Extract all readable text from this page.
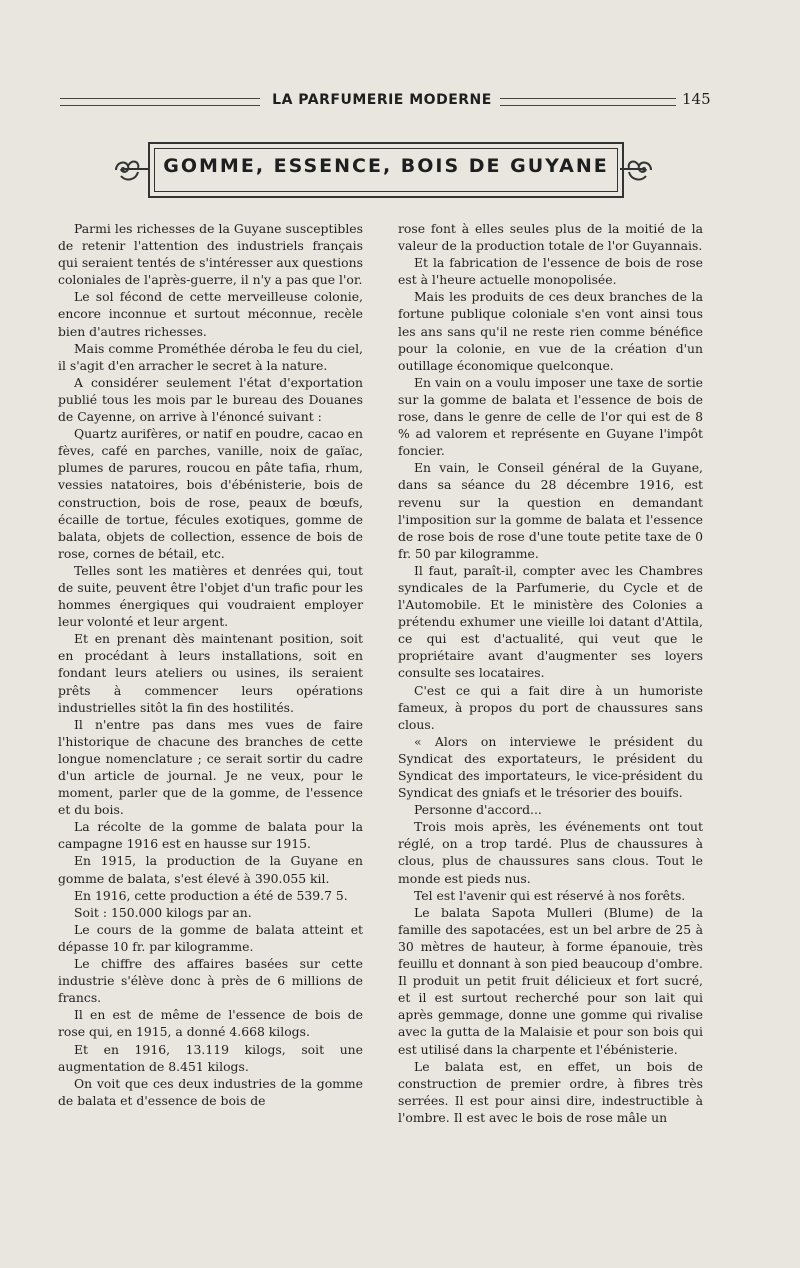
LA PARFUMERIE MODERNE	145
GOMME, ESSENCE, BOIS DE GUYANE

Parmi les richesses de la Guyane susceptibles de retenir l'attention des industriels français qui seraient tentés de s'intéresser aux questions coloniales de l'après-guerre, il n'y a pas que l'or.

Le sol fécond de cette merveilleuse colonie, encore inconnue et surtout méconnue, recèle bien d'autres richesses.

Mais comme Prométhée déroba le feu du ciel, il s'agit d'en arracher le secret à la nature.

A considérer seulement l'état d'exportation publié tous les mois par le bureau des Douanes de Cayenne, on arrive à l'énoncé suivant :

Quartz aurifères, or natif en poudre, cacao en fèves, café en parches, vanille, noix de gaïac, plumes de parures, roucou en pâte tafia, rhum, vessies natatoires, bois d'ébénisterie, bois de construction, bois de rose, peaux de bœufs, écaille de tortue, fécules exotiques, gomme de balata, objets de collection, essence de bois de rose, cornes de bétail, etc.

Telles sont les matières et denrées qui, tout de suite, peuvent être l'objet d'un trafic pour les hommes énergiques qui voudraient employer leur volonté et leur argent.

Et en prenant dès maintenant position, soit en procédant à leurs installations, soit en fondant leurs ateliers ou usines, ils seraient prêts à commencer leurs opérations industrielles sitôt la fin des hostilités.

Il n'entre pas dans mes vues de faire l'historique de chacune des branches de cette longue nomenclature ; ce serait sortir du cadre d'un article de journal. Je ne veux, pour le moment, parler que de la gomme, de l'essence et du bois.

La récolte de la gomme de balata pour la campagne 1916 est en hausse sur 1915.

En 1915, la production de la Guyane en gomme de balata, s'est élevé à 390.055 kil.

En 1916, cette production a été de 539.7 5.

Soit : 150.000 kilogs par an.

Le cours de la gomme de balata atteint et dépasse 10 fr. par kilogramme.

Le chiffre des affaires basées sur cette industrie s'élève donc à près de 6 millions de francs.

Il en est de même de l'essence de bois de rose qui, en 1915, a donné 4.668 kilogs.

Et en 1916, 13.119 kilogs, soit une augmentation de 8.451 kilogs.

On voit que ces deux industries de la gomme de balata et d'essence de bois de

rose font à elles seules plus de la moitié de la valeur de la production totale de l'or Guyannais.

Et la fabrication de l'essence de bois de rose est à l'heure actuelle monopolisée.

Mais les produits de ces deux branches de la fortune publique coloniale s'en vont ainsi tous les ans sans qu'il ne reste rien comme bénéfice pour la colonie, en vue de la création d'un outillage économique quelconque.

En vain on a voulu imposer une taxe de sortie sur la gomme de balata et l'essence de bois de rose, dans le genre de celle de l'or qui est de 8 % ad valorem et représente en Guyane l'impôt foncier.

En vain, le Conseil général de la Guyane, dans sa séance du 28 décembre 1916, est revenu sur la question en demandant l'imposition sur la gomme de balata et l'essence de rose bois de rose d'une toute petite taxe de 0 fr. 50 par kilogramme.

Il faut, paraît-il, compter avec les Chambres syndicales de la Parfumerie, du Cycle et de l'Automobile. Et le ministère des Colonies a prétendu exhumer une vieille loi datant d'Attila, ce qui est d'actualité, qui veut que le propriétaire avant d'augmenter ses loyers consulte ses locataires.

C'est ce qui a fait dire à un humoriste fameux, à propos du port de chaussures sans clous.

« Alors on interviewe le président du Syndicat des exportateurs, le président du Syndicat des importateurs, le vice-président du Syndicat des gniafs et le trésorier des bouifs.

Personne d'accord...

Trois mois après, les événements ont tout réglé, on a trop tardé. Plus de chaussures à clous, plus de chaussures sans clous. Tout le monde est pieds nus.

Tel est l'avenir qui est réservé à nos forêts.

Le balata Sapota Mulleri (Blume) de la famille des sapotacées, est un bel arbre de 25 à 30 mètres de hauteur, à forme épanouie, très feuillu et donnant à son pied beaucoup d'ombre. Il produit un petit fruit délicieux et fort sucré, et il est surtout recherché pour son lait qui après gemmage, donne une gomme qui rivalise avec la gutta de la Malaisie et pour son bois qui est utilisé dans la charpente et l'ébénisterie.

Le balata est, en effet, un bois de construction de premier ordre, à fibres très serrées. Il est pour ainsi dire, indestructible à l'ombre. Il est avec le bois de rose mâle un
